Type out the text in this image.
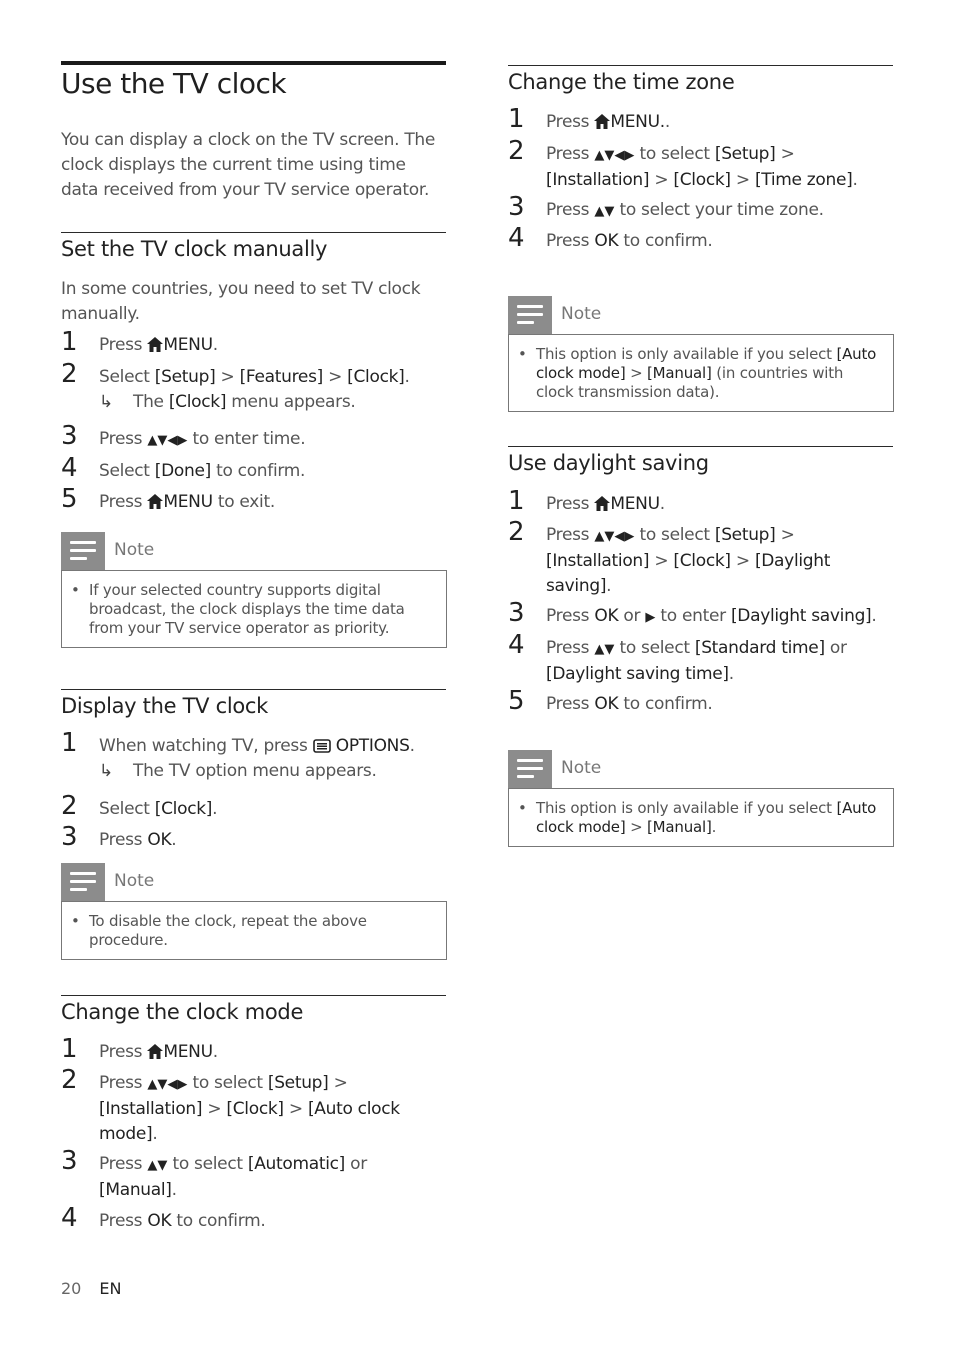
Use the TV clock
You can display a clock on the TV screen. The clock displays the current time using time data received from your TV service operator.
Set the TV clock manually
In some countries, you need to set TV clock manually.
1	Press MENU.
2	Select [Setup] > [Features] > [Clock].
↳ The [Clock] menu appears.
3	Press ▲▼◀▶ to enter time.
4	Select [Done] to confirm.
5	Press MENU to exit.
Note
• If your selected country supports digital broadcast, the clock displays the time data from your TV service operator as priority.
Display the TV clock
1	When watching TV, press OPTIONS.
↳ The TV option menu appears.
2	Select [Clock].
3	Press OK.
Note
• To disable the clock, repeat the above procedure.
Change the clock mode
1	Press MENU.
2	Press ▲▼◀▶ to select [Setup] > [Installation] > [Clock] > [Auto clock mode].
3	Press ▲▼ to select [Automatic] or [Manual].
4	Press OK to confirm.
Change the time zone
1	Press MENU..
2	Press ▲▼◀▶ to select [Setup] > [Installation] > [Clock] > [Time zone].
3	Press ▲▼ to select your time zone.
4	Press OK to confirm.
Note
• This option is only available if you select [Auto clock mode] > [Manual] (in countries with clock transmission data).
Use daylight saving
1	Press MENU.
2	Press ▲▼◀▶ to select [Setup] > [Installation] > [Clock] > [Daylight saving].
3	Press OK or ▶ to enter [Daylight saving].
4	Press ▲▼ to select [Standard time] or [Daylight saving time].
5	Press OK to confirm.
Note
• This option is only available if you select [Auto clock mode] > [Manual].
20 EN
